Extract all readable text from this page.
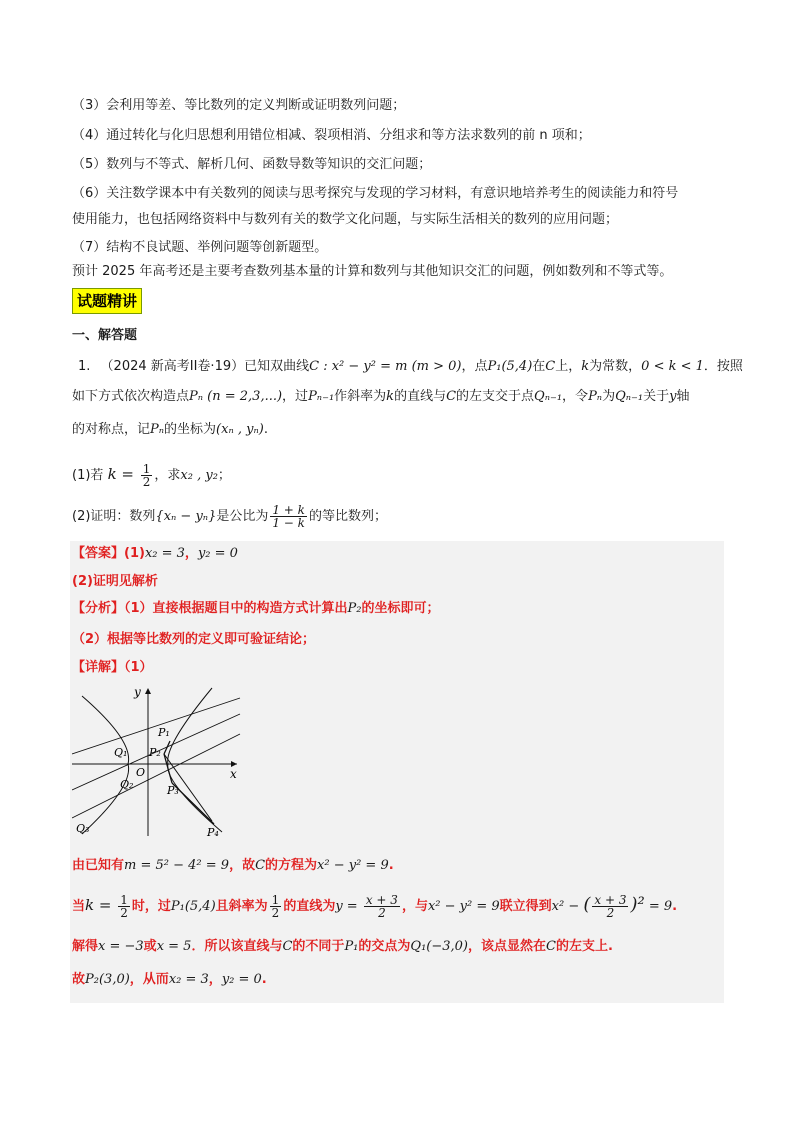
（3）会利用等差、等比数列的定义判断或证明数列问题；
（4）通过转化与化归思想利用错位相减、裂项相消、分组求和等方法求数列的前 n 项和；
（5）数列与不等式、解析几何、函数导数等知识的交汇问题；
（6）关注数学课本中有关数列的阅读与思考探究与发现的学习材料，有意识地培养考生的阅读能力和符号
使用能力，也包括网络资料中与数列有关的数学文化问题，与实际生活相关的数列的应用问题；
（7）结构不良试题、举例问题等创新题型。
预计 2025 年高考还是主要考查数列基本量的计算和数列与其他知识交汇的问题，例如数列和不等式等。
试题精讲
一、解答题
1. （2024 新高考II卷·19）已知双曲线C : x² − y² = m (m > 0)，点P₁(5,4)在C上，k为常数，0 < k < 1．按照
如下方式依次构造点Pₙ (n = 2,3,...)，过Pₙ₋₁作斜率为k的直线与C的左支交于点Qₙ₋₁，令Pₙ为Qₙ₋₁关于y轴
的对称点，记Pₙ的坐标为(xₙ , yₙ).
(1)若 $k = \frac{1}{2}$ ，求x₂ , y₂；
(2)证明：数列{xₙ − yₙ}是公比为 $\frac{1 + k}{1 - k}$ 的等比数列；
【答案】(1)x₂ = 3，y₂ = 0
(2)证明见解析
【分析】（1）直接根据题目中的构造方式计算出P₂的坐标即可；
（2）根据等比数列的定义即可验证结论；
【详解】（1）
y
x
O
P₁
P₂
P₃
P₄
Q₁
Q₂
Q₃
由已知有m = 5² − 4² = 9，故C的方程为x² − y² = 9.
当$k = \frac{1}{2}$ 时，过P₁(5,4)且斜率为 $\frac{1}{2}$ 的直线为$y = \frac{x + 3}{2}$ ，与x² − y² = 9联立得到x² − ( $\frac{x + 3}{2} )^2 = 9$.
解得x = −3或x = 5．所以该直线与C的不同于P₁的交点为Q₁(−3,0)，该点显然在C的左支上.
故P₂(3,0)，从而x₂ = 3，y₂ = 0.
